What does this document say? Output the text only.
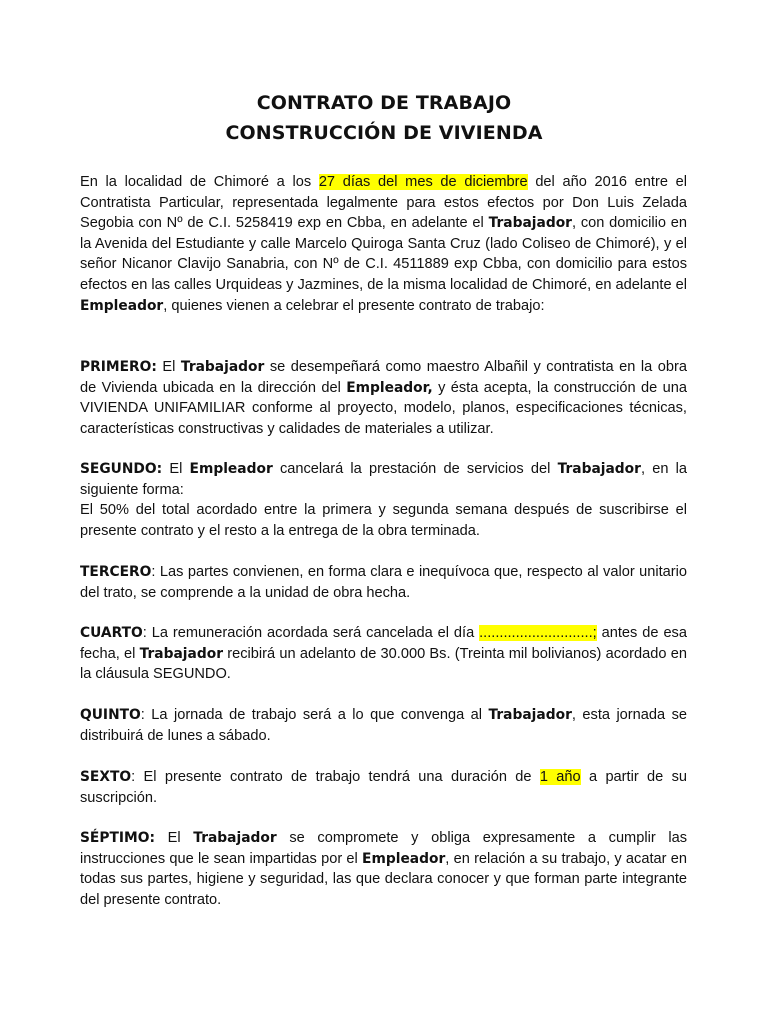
CONTRATO DE TRABAJO
CONSTRUCCIÓN DE VIVIENDA

En la localidad de Chimoré a los 27 días del mes de diciembre del año 2016 entre el Contratista Particular, representada legalmente para estos efectos por Don Luis Zelada Segobia con Nº de C.I. 5258419 exp en Cbba, en adelante el Trabajador, con domicilio en la Avenida del Estudiante y calle Marcelo Quiroga Santa Cruz (lado Coliseo de Chimoré), y el señor Nicanor Clavijo Sanabria, con Nº de C.I. 4511889 exp Cbba, con domicilio para estos efectos en las calles Urquideas y Jazmines, de la misma localidad de Chimoré, en adelante el Empleador, quienes vienen a celebrar el presente contrato de trabajo:

PRIMERO: El Trabajador se desempeñará como maestro Albañil y contratista en la obra de Vivienda ubicada en la dirección del Empleador, y ésta acepta, la construcción de una VIVIENDA UNIFAMILIAR conforme al proyecto, modelo, planos, especificaciones técnicas, características constructivas y calidades de materiales a utilizar.

SEGUNDO: El Empleador cancelará la prestación de servicios del Trabajador, en la siguiente forma:
El 50% del total acordado entre la primera y segunda semana después de suscribirse el presente contrato y el resto a la entrega de la obra terminada.

TERCERO: Las partes convienen, en forma clara e inequívoca que, respecto al valor unitario del trato, se comprende a la unidad de obra hecha.

CUARTO: La remuneración acordada será cancelada el día ............................; antes de esa fecha, el Trabajador recibirá un adelanto de 30.000 Bs. (Treinta mil bolivianos) acordado en la cláusula SEGUNDO.

QUINTO: La jornada de trabajo será a lo que convenga al Trabajador, esta jornada se distribuirá de lunes a sábado.

SEXTO: El presente contrato de trabajo tendrá una duración de 1 año a partir de su suscripción.

SÉPTIMO: El Trabajador se compromete y obliga expresamente a cumplir las instrucciones que le sean impartidas por el Empleador, en relación a su trabajo, y acatar en todas sus partes, higiene y seguridad, las que declara conocer y que forman parte integrante del presente contrato.
